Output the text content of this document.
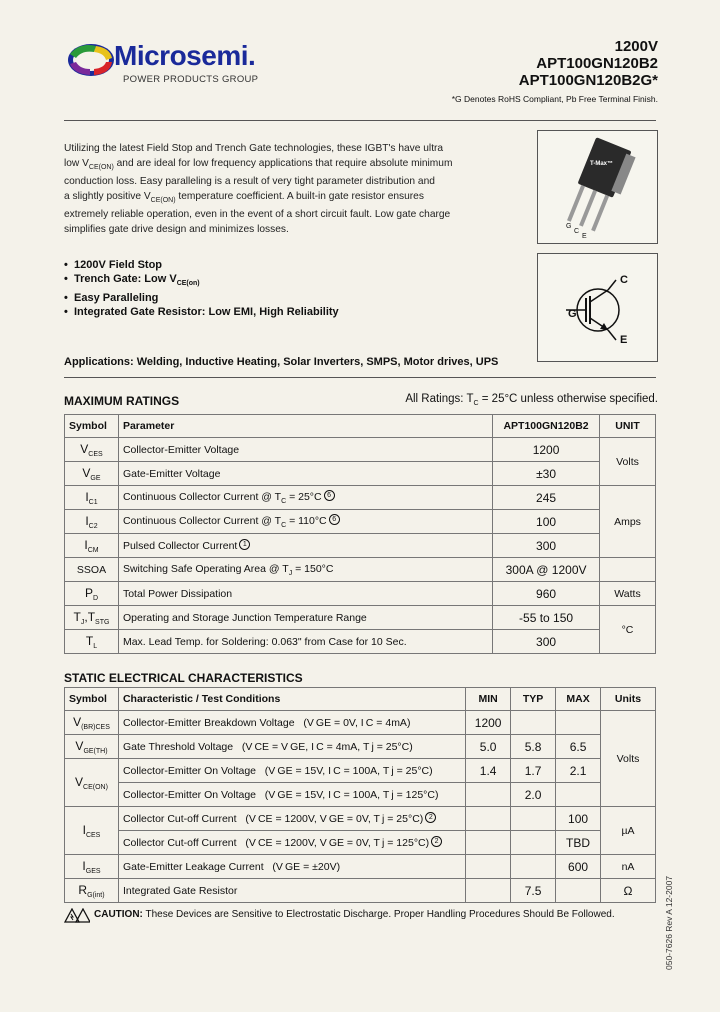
Microsemi.
POWER PRODUCTS GROUP
1200V
APT100GN120B2
APT100GN120B2G*
*G Denotes RoHS Compliant, Pb Free Terminal Finish.
Utilizing the latest Field Stop and Trench Gate technologies, these IGBT's have ultra
low $V_{CE(ON)}$ and are ideal for low frequency applications that require absolute minimum
conduction loss. Easy paralleling is a result of very tight parameter distribution and
a slightly positive $V_{CE(ON)}$ temperature coefficient. A built-in gate resistor ensures
extremely reliable operation, even in the event of a short circuit fault. Low gate charge
simplifies gate drive design and minimizes losses.
T-Max™
G
C
E
C
G
E
• 1200V Field Stop
• Trench Gate: Low $V_{CE(on)}$
• Easy Paralleling
• Integrated Gate Resistor: Low EMI, High Reliability
Applications: Welding, Inductive Heating, Solar Inverters, SMPS, Motor drives, UPS
MAXIMUM RATINGS	All Ratings: $T_C = 25^\circ C$ unless otherwise specified.
Symbol	Parameter	APT100GN120B2	UNIT
$V_{CES}$	Collector-Emitter Voltage	1200	Volts
$V_{GE}$	Gate-Emitter Voltage	±30	
$I_{C1}$	Continuous Collector Current @ $T_C = 25^\circ C$ 6	245	Amps
$I_{C2}$	Continuous Collector Current @ $T_C = 110^\circ C$ 6	100	
$I_{CM}$	Pulsed Collector Current 1	300	
SSOA	Switching Safe Operating Area @ $T_J = 150^\circ C$	300A @ 1200V	
$P_D$	Total Power Dissipation	960	Watts
$T_J,T_{STG}$	Operating and Storage Junction Temperature Range	-55 to 150	°C
$T_L$	Max. Lead Temp. for Soldering: 0.063" from Case for 10 Sec.	300	
STATIC ELECTRICAL CHARACTERISTICS
Symbol	Characteristic / Test Conditions	MIN	TYP	MAX	Units
$V_{(BR)CES}$	Collector-Emitter Breakdown Voltage (V GE = 0V, I C = 4mA)	1200			Volts
$V_{GE(TH)}$	Gate Threshold Voltage (V CE = V GE, I C = 4mA, T j = 25°C)	5.0	5.8	6.5	
$V_{CE(ON)}$	Collector-Emitter On Voltage (V GE = 15V, I C = 100A, T j = 25°C)	1.4	1.7	2.1	
	Collector-Emitter On Voltage (V GE = 15V, I C = 100A, T j = 125°C)		2.0		
$I_{CES}$	Collector Cut-off Current (V CE = 1200V, V GE = 0V, T j = 25°C) 2			100	µA
	Collector Cut-off Current (V CE = 1200V, V GE = 0V, T j = 125°C) 2			TBD	
$I_{GES}$	Gate-Emitter Leakage Current (V GE = ±20V)			600	nA
$R_{G(int)}$	Integrated Gate Resistor		7.5		Ω
CAUTION: These Devices are Sensitive to Electrostatic Discharge. Proper Handling Procedures Should Be Followed.	050-7626 Rev A 12-2007
